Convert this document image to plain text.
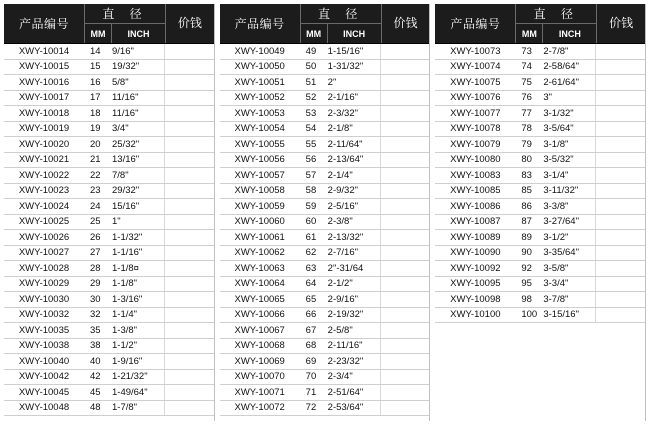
产品编号
直 径
MM	INCH
价钱
XWY-10014	14	9/16"
XWY-10015	15	19/32"
XWY-10016	16	5/8"
XWY-10017	17	11/16"
XWY-10018	18	11/16"
XWY-10019	19	3/4"
XWY-10020	20	25/32"
XWY-10021	21	13/16"
XWY-10022	22	7/8"
XWY-10023	23	29/32"
XWY-10024	24	15/16"
XWY-10025	25	1"
XWY-10026	26	1-1/32"
XWY-10027	27	1-1/16"
XWY-10028	28	1-1/8¤
XWY-10029	29	1-1/8"
XWY-10030	30	1-3/16"
XWY-10032	32	1-1/4"
XWY-10035	35	1-3/8"
XWY-10038	38	1-1/2"
XWY-10040	40	1-9/16"
XWY-10042	42	1-21/32"
XWY-10045	45	1-49/64"
XWY-10048	48	1-7/8"
产品编号
直 径
MM	INCH
价钱
XWY-10049	49	1-15/16"
XWY-10050	50	1-31/32"
XWY-10051	51	2"
XWY-10052	52	2-1/16"
XWY-10053	53	2-3/32"
XWY-10054	54	2-1/8"
XWY-10055	55	2-11/64"
XWY-10056	56	2-13/64"
XWY-10057	57	2-1/4"
XWY-10058	58	2-9/32"
XWY-10059	59	2-5/16"
XWY-10060	60	2-3/8"
XWY-10061	61	2-13/32"
XWY-10062	62	2-7/16"
XWY-10063	63	2"-31/64
XWY-10064	64	2-1/2"
XWY-10065	65	2-9/16"
XWY-10066	66	2-19/32"
XWY-10067	67	2-5/8"
XWY-10068	68	2-11/16"
XWY-10069	69	2-23/32"
XWY-10070	70	2-3/4"
XWY-10071	71	2-51/64"
XWY-10072	72	2-53/64"
产品编号
直 径
MM	INCH
价钱
XWY-10073	73	2-7/8"
XWY-10074	74	2-58/64"
XWY-10075	75	2-61/64"
XWY-10076	76	3"
XWY-10077	77	3-1/32"
XWY-10078	78	3-5/64"
XWY-10079	79	3-1/8"
XWY-10080	80	3-5/32"
XWY-10083	83	3-1/4"
XWY-10085	85	3-11/32"
XWY-10086	86	3-3/8"
XWY-10087	87	3-27/64"
XWY-10089	89	3-1/2"
XWY-10090	90	3-35/64"
XWY-10092	92	3-5/8"
XWY-10095	95	3-3/4"
XWY-10098	98	3-7/8"
XWY-10100	100 3-15/16"
